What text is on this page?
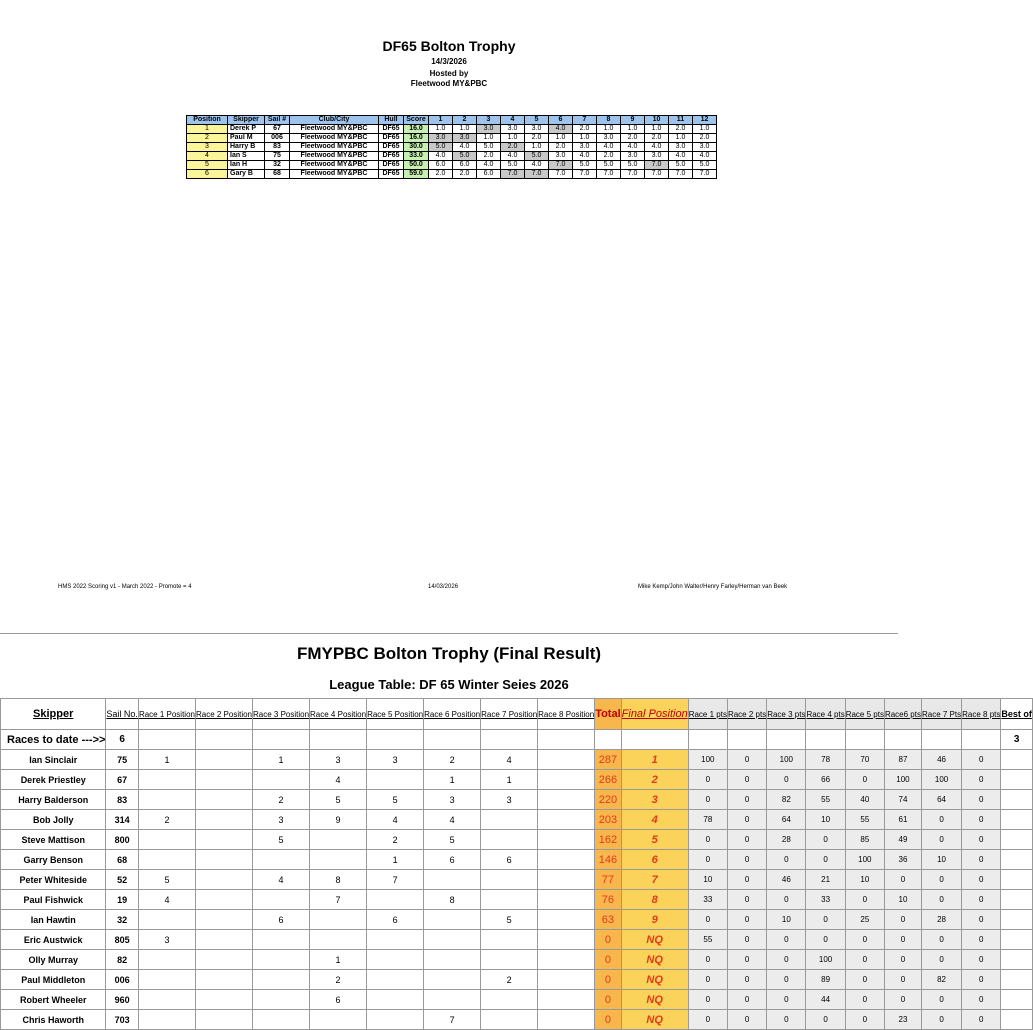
DF65 Bolton Trophy
14/3/2026
Hosted by
Fleetwood MY&PBC
Position	Skipper	Sail #	Club/City	Hull	Score	1	2	3	4	5	6	7	8	9	10	11	12
1	Derek P	67	Fleetwood MY&PBC	DF65	16.0	1.0	1.0	3.0	3.0	3.0	4.0	2.0	1.0	1.0	1.0	2.0	1.0
2	Paul M	006	Fleetwood MY&PBC	DF65	16.0	3.0	3.0	1.0	1.0	2.0	1.0	1.0	3.0	2.0	2.0	1.0	2.0
3	Harry B	83	Fleetwood MY&PBC	DF65	30.0	5.0	4.0	5.0	2.0	1.0	2.0	3.0	4.0	4.0	4.0	3.0	3.0
4	Ian S	75	Fleetwood MY&PBC	DF65	33.0	4.0	5.0	2.0	4.0	5.0	3.0	4.0	2.0	3.0	3.0	4.0	4.0
5	Ian H	32	Fleetwood MY&PBC	DF65	50.0	6.0	6.0	4.0	5.0	4.0	7.0	5.0	5.0	5.0	7.0	5.0	5.0
6	Gary B	68	Fleetwood MY&PBC	DF65	59.0	2.0	2.0	6.0	7.0	7.0	7.0	7.0	7.0	7.0	7.0	7.0	7.0
HMS 2022 Scoring v1 - March 2022 - Promote = 4	14/03/2026	Mike Kemp/John Walter/Henry Farley/Herman van Beek
FMYPBC Bolton Trophy (Final Result)
League Table: DF 65 Winter Seies 2026
Skipper	Sail No.	Race 1 Position	Race 2 Position	Race 3 Position	Race 4 Position	Race 5 Position	Race 6 Position	Race 7 Position	Race 8 Position	Total	Final Position	Race 1 pts	Race 2 pts	Race 3 pts	Race 4 pts	Race 5 pts	Race6 pts	Race 7 Pts	Race 8 pts	Best of
Races to date --->>	6																			3
Ian Sinclair	75	1		1	3	3	2	4		287	1	100	0	100	78	70	87	46	0	
Derek Priestley	67				4		1	1		266	2	0	0	0	66	0	100	100	0	
Harry Balderson	83			2	5	5	3	3		220	3	0	0	82	55	40	74	64	0	
Bob Jolly	314	2		3	9	4	4			203	4	78	0	64	10	55	61	0	0	
Steve Mattison	800			5		2	5			162	5	0	0	28	0	85	49	0	0	
Garry Benson	68					1	6	6		146	6	0	0	0	0	100	36	10	0	
Peter Whiteside	52	5		4	8	7				77	7	10	0	46	21	10	0	0	0	
Paul Fishwick	19	4			7		8			76	8	33	0	0	33	0	10	0	0	
Ian Hawtin	32			6		6		5		63	9	0	0	10	0	25	0	28	0	
Eric Austwick	805	3								0	NQ	55	0	0	0	0	0	0	0	
Olly Murray	82				1					0	NQ	0	0	0	100	0	0	0	0	
Paul Middleton	006				2			2		0	NQ	0	0	0	89	0	0	82	0	
Robert Wheeler	960				6					0	NQ	0	0	0	44	0	0	0	0	
Chris Haworth	703						7			0	NQ	0	0	0	0	0	23	0	0	
